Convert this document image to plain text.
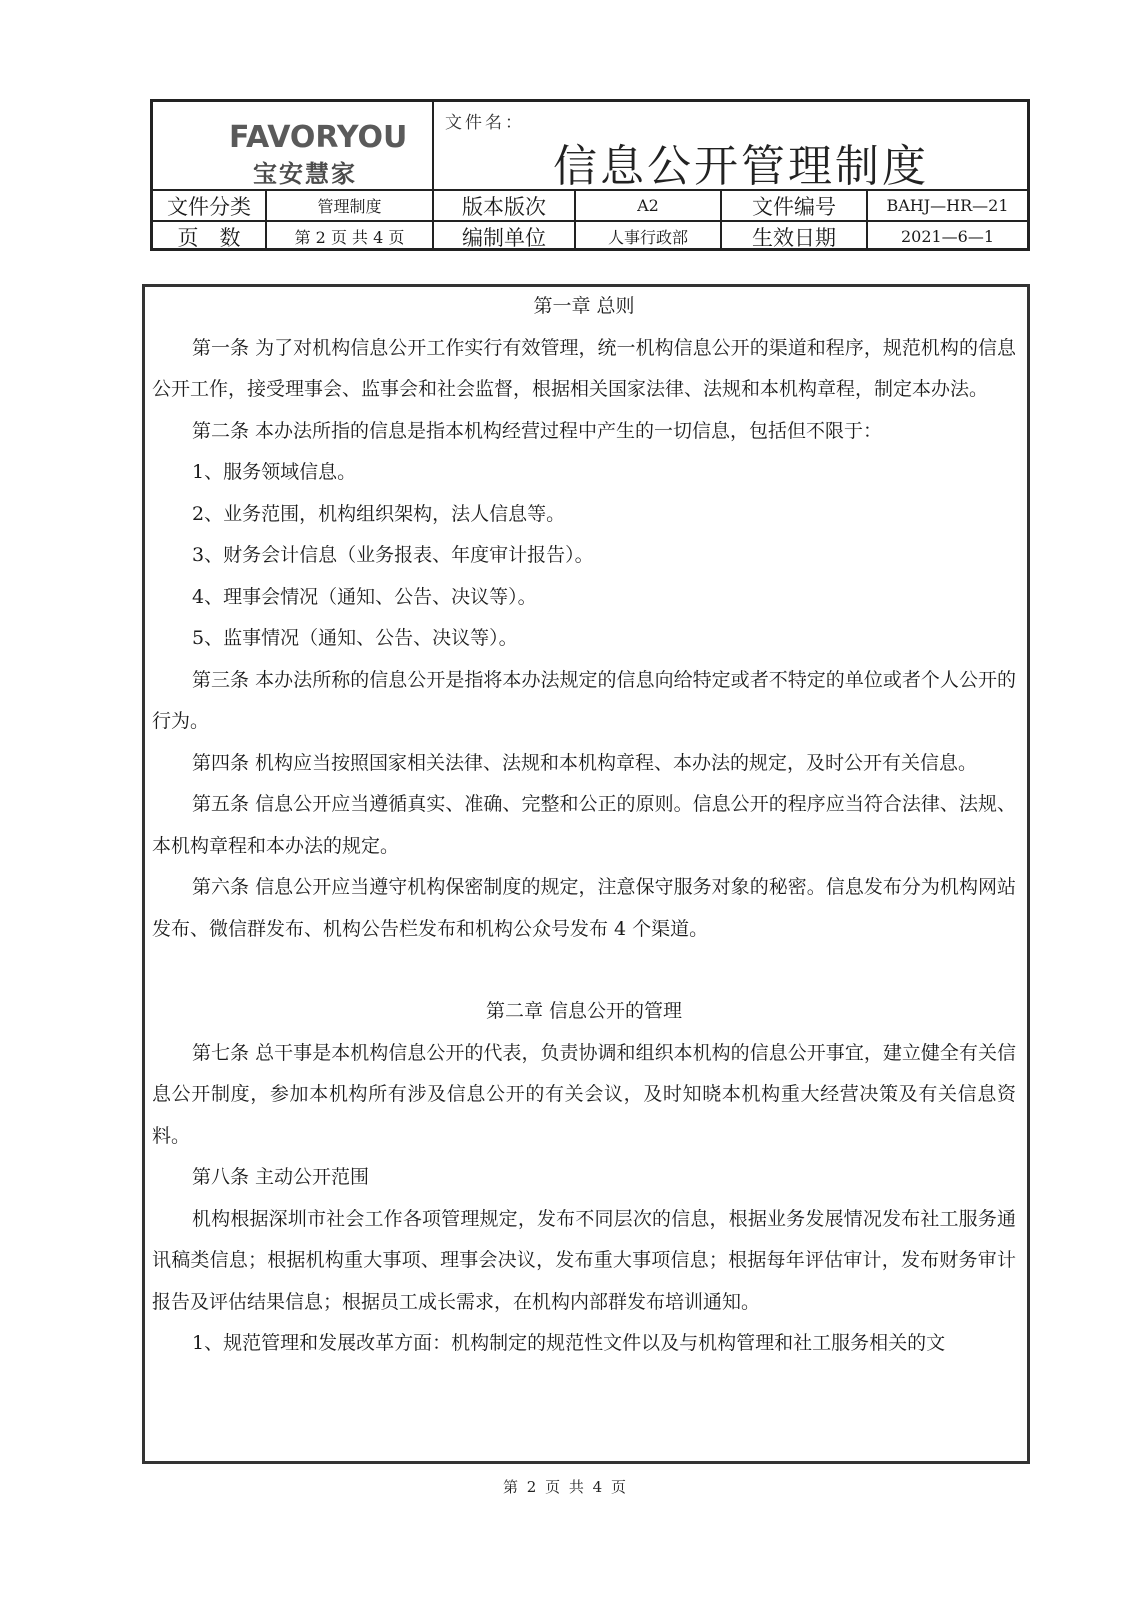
FAVORYOU
宝安慧家
文件名：
信息公开管理制度
文件分类	管理制度	版本版次	A2	文件编号	BAHJ—HR—21
页　数	第 2 页 共 4 页	编制单位	人事行政部	生效日期	2021—6—1

第一章 总则

第一条 为了对机构信息公开工作实行有效管理，统一机构信息公开的渠道和程序，规范机构的信息公开工作，接受理事会、监事会和社会监督，根据相关国家法律、法规和本机构章程，制定本办法。

第二条 本办法所指的信息是指本机构经营过程中产生的一切信息，包括但不限于：

1、服务领域信息。

2、业务范围，机构组织架构，法人信息等。

3、财务会计信息（业务报表、年度审计报告）。

4、理事会情况（通知、公告、决议等）。

5、监事情况（通知、公告、决议等）。

第三条 本办法所称的信息公开是指将本办法规定的信息向给特定或者不特定的单位或者个人公开的行为。

第四条 机构应当按照国家相关法律、法规和本机构章程、本办法的规定，及时公开有关信息。

第五条 信息公开应当遵循真实、准确、完整和公正的原则。信息公开的程序应当符合法律、法规、本机构章程和本办法的规定。

第六条 信息公开应当遵守机构保密制度的规定，注意保守服务对象的秘密。信息发布分为机构网站发布、微信群发布、机构公告栏发布和机构公众号发布 4 个渠道。

第二章 信息公开的管理

第七条 总干事是本机构信息公开的代表，负责协调和组织本机构的信息公开事宜，建立健全有关信息公开制度，参加本机构所有涉及信息公开的有关会议，及时知晓本机构重大经营决策及有关信息资料。

第八条 主动公开范围

机构根据深圳市社会工作各项管理规定，发布不同层次的信息，根据业务发展情况发布社工服务通讯稿类信息；根据机构重大事项、理事会决议，发布重大事项信息；根据每年评估审计，发布财务审计报告及评估结果信息；根据员工成长需求，在机构内部群发布培训通知。

1、规范管理和发展改革方面：机构制定的规范性文件以及与机构管理和社工服务相关的文

第 2 页 共 4 页
